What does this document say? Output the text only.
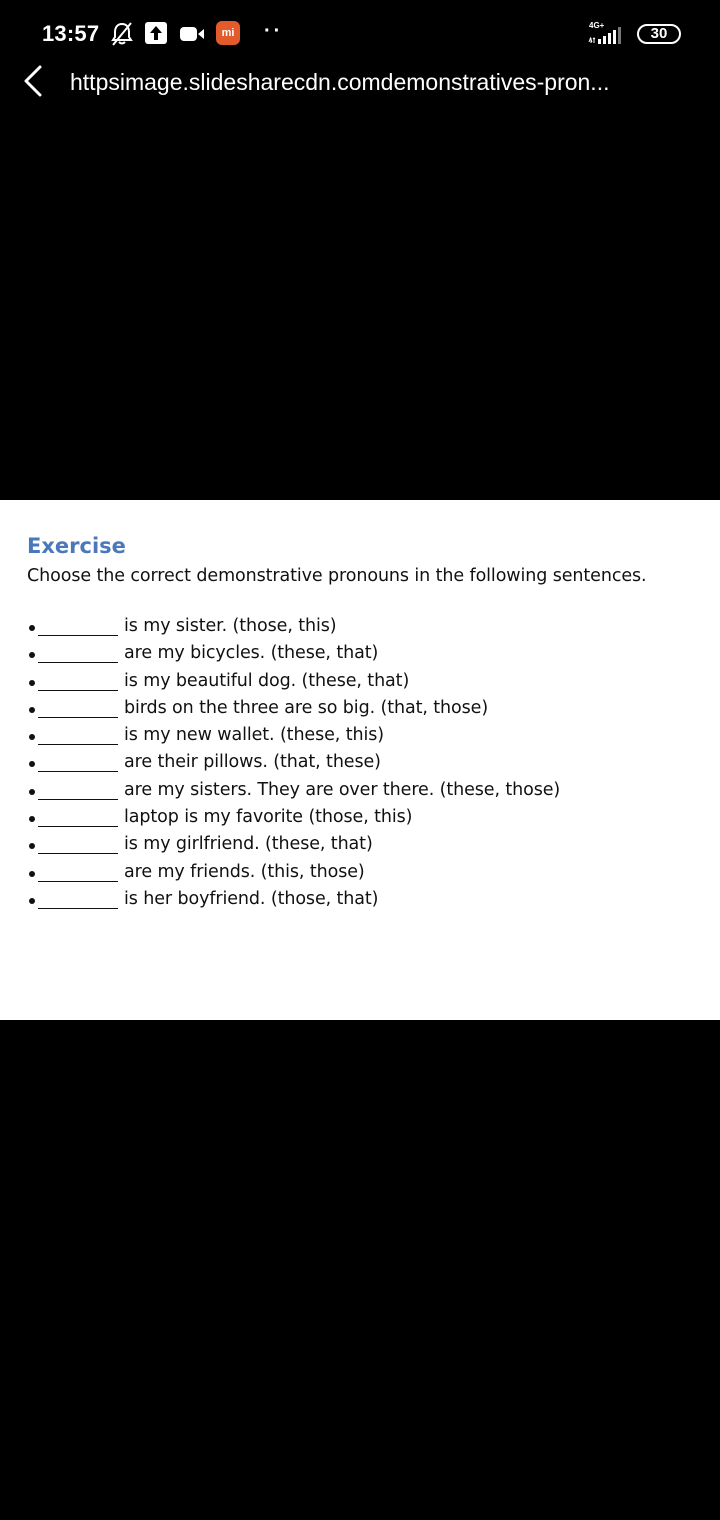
13:57	mi ··	4G+	30
httpsimage.slidesharecdn.comdemonstratives-pron...
Exercise
Choose the correct demonstrative pronouns in the following sentences.
is my sister. (those, this)
are my bicycles. (these, that)
is my beautiful dog. (these, that)
birds on the three are so big. (that, those)
is my new wallet. (these, this)
are their pillows. (that, these)
are my sisters. They are over there. (these, those)
laptop is my favorite (those, this)
is my girlfriend. (these, that)
are my friends. (this, those)
is her boyfriend. (those, that)
